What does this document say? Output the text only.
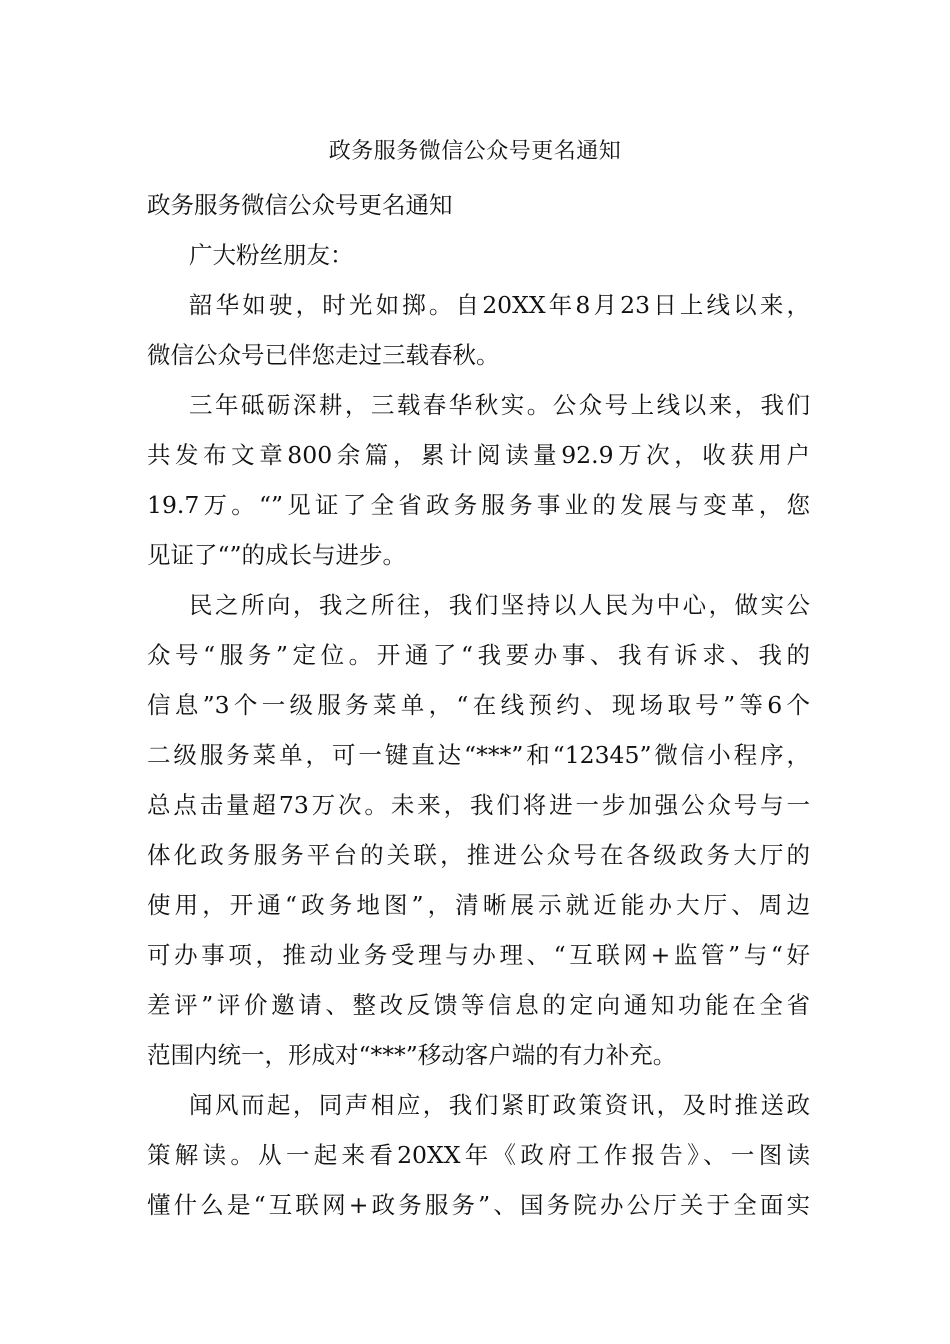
政务服务微信公众号更名通知
政务服务微信公众号更名通知
广大粉丝朋友：
韶华如驶，时光如掷。自20XX年8月23日上线以来，
微信公众号已伴您走过三载春秋。
三年砥砺深耕，三载春华秋实。公众号上线以来，我们
共发布文章800余篇，累计阅读量92.9万次，收获用户
19.7万。“”见证了全省政务服务事业的发展与变革，您
见证了“”的成长与进步。
民之所向，我之所往，我们坚持以人民为中心，做实公
众号“服务”定位。开通了“我要办事、我有诉求、我的
信息”3个一级服务菜单，“在线预约、现场取号”等6个
二级服务菜单，可一键直达“***”和“12345”微信小程序，
总点击量超73万次。未来，我们将进一步加强公众号与一
体化政务服务平台的关联，推进公众号在各级政务大厅的
使用，开通“政务地图”，清晰展示就近能办大厅、周边
可办事项，推动业务受理与办理、“互联网+监管”与“好
差评”评价邀请、整改反馈等信息的定向通知功能在全省
范围内统一，形成对“***”移动客户端的有力补充。
闻风而起，同声相应，我们紧盯政策资讯，及时推送政
策解读。从一起来看20XX年《政府工作报告》、一图读
懂什么是“互联网+政务服务”、国务院办公厅关于全面实
